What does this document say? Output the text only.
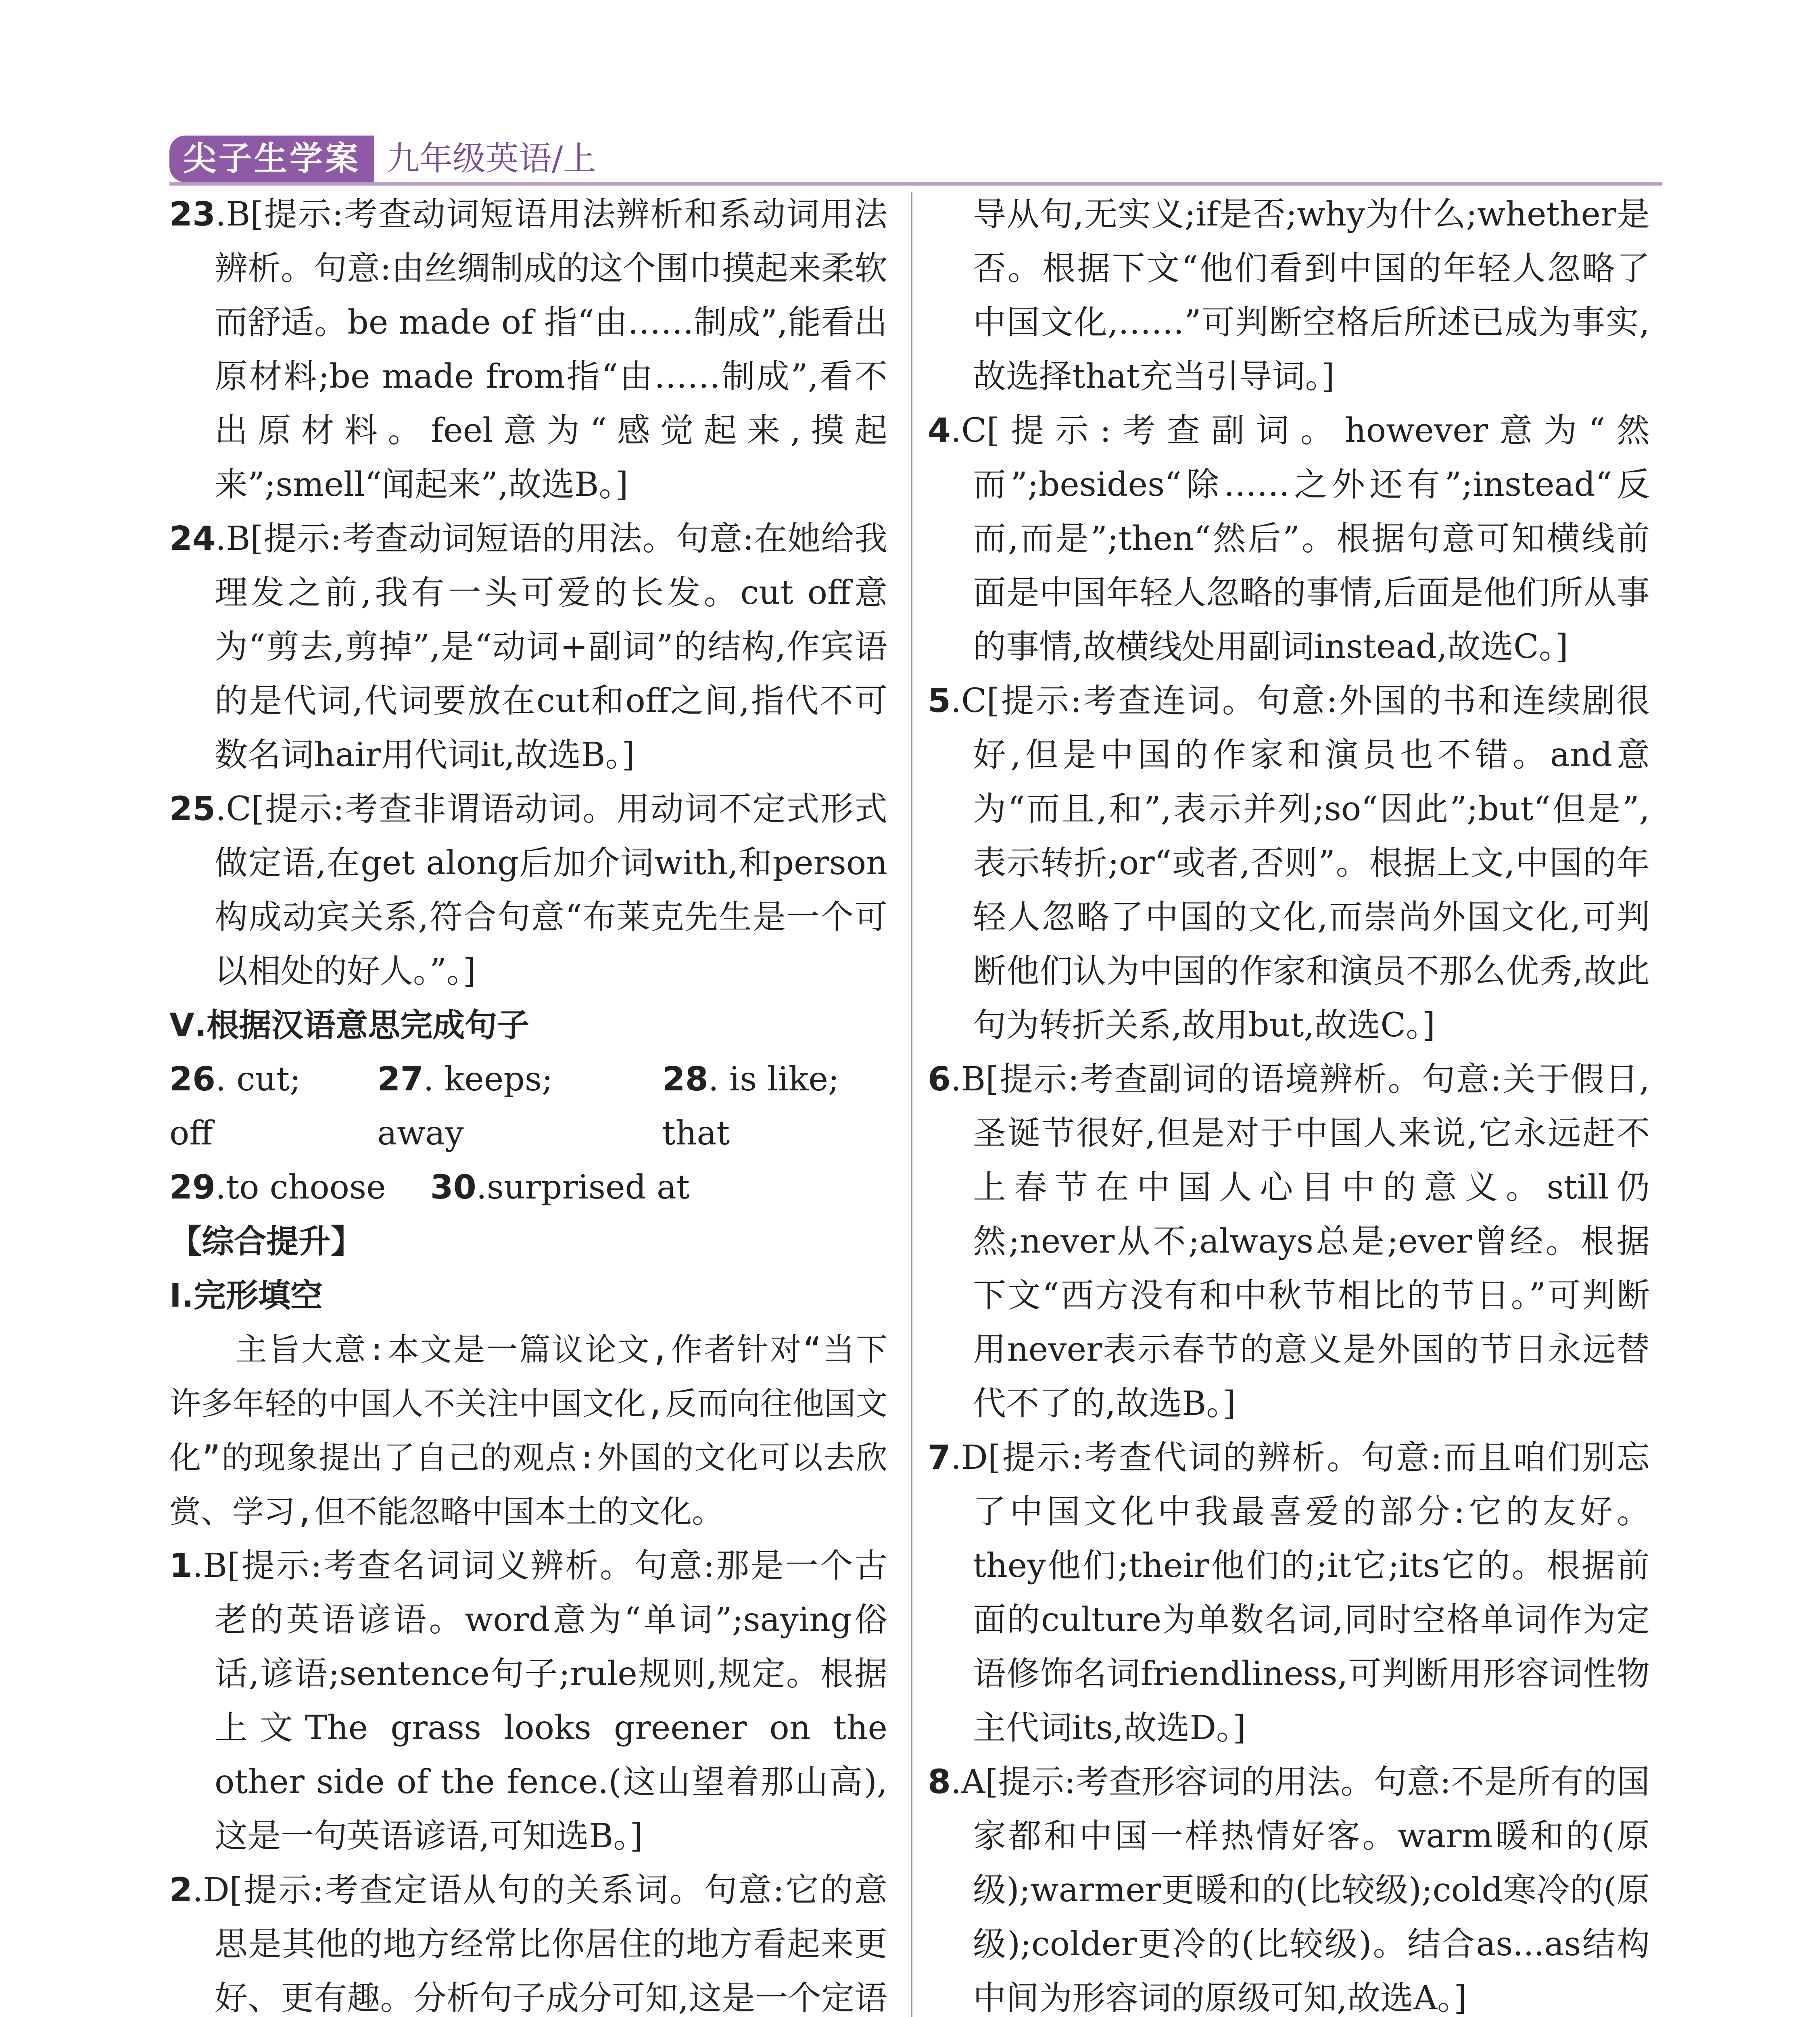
尖子生学案 九年级英语/上
23.B[提示:考查动词短语用法辨析和系动词用法辨析。句意:由丝绸制成的这个围巾摸起来柔软而舒适。be made of 指“由……制成”,能看出原材料;be made from指“由……制成”,看不出原材料。feel意为“感觉起来,摸起来”;smell“闻起来”,故选B。]
24.B[提示:考查动词短语的用法。句意:在她给我理发之前,我有一头可爱的长发。cut off意为“剪去,剪掉”,是“动词+副词”的结构,作宾语的是代词,代词要放在cut和off之间,指代不可数名词hair用代词it,故选B。]
25.C[提示:考查非谓语动词。用动词不定式形式做定语,在get along后加介词with,和person构成动宾关系,符合句意“布莱克先生是一个可以相处的好人。”。]
Ⅴ.根据汉语意思完成句子
26. cut; off
27. keeps; away
28. is like; that
29.to choose 30.surprised at
【综合提升】
Ⅰ.完形填空
主旨大意:本文是一篇议论文,作者针对“当下许多年轻的中国人不关注中国文化,反而向往他国文化”的现象提出了自己的观点:外国的文化可以去欣赏、学习,但不能忽略中国本土的文化。
1.B[提示:考查名词词义辨析。句意:那是一个古老的英语谚语。word意为“单词”;saying俗话,谚语;sentence句子;rule规则,规定。根据上文The grass looks greener on the other side of the fence.(这山望着那山高),这是一句英语谚语,可知选B。]
2.D[提示:考查定语从句的关系词。句意:它的意思是其他的地方经常比你居住的地方看起来更好、更有趣。分析句子成分可知,这是一个定语
导从句,无实义;if是否;why为什么;whether是否。根据下文“他们看到中国的年轻人忽略了中国文化,……”可判断空格后所述已成为事实,故选择that充当引导词。]
4.C[提示:考查副词。however意为“然而”;besides“除……之外还有”;instead“反而,而是”;then“然后”。根据句意可知横线前面是中国年轻人忽略的事情,后面是他们所从事的事情,故横线处用副词instead,故选C。]
5.C[提示:考查连词。句意:外国的书和连续剧很好,但是中国的作家和演员也不错。and意为“而且,和”,表示并列;so“因此”;but“但是”,表示转折;or“或者,否则”。根据上文,中国的年轻人忽略了中国的文化,而崇尚外国文化,可判断他们认为中国的作家和演员不那么优秀,故此句为转折关系,故用but,故选C。]
6.B[提示:考查副词的语境辨析。句意:关于假日,圣诞节很好,但是对于中国人来说,它永远赶不上春节在中国人心目中的意义。still仍然;never从不;always总是;ever曾经。根据下文“西方没有和中秋节相比的节日。”可判断用never表示春节的意义是外国的节日永远替代不了的,故选B。]
7.D[提示:考查代词的辨析。句意:而且咱们别忘了中国文化中我最喜爱的部分:它的友好。they他们;their他们的;it它;its它的。根据前面的culture为单数名词,同时空格单词作为定语修饰名词friendliness,可判断用形容词性物主代词its,故选D。]
8.A[提示:考查形容词的用法。句意:不是所有的国家都和中国一样热情好客。warm暖和的(原级);warmer更暖和的(比较级);cold寒冷的(原级);colder更冷的(比较级)。结合as...as结构中间为形容词的原级可知,故选A。]
